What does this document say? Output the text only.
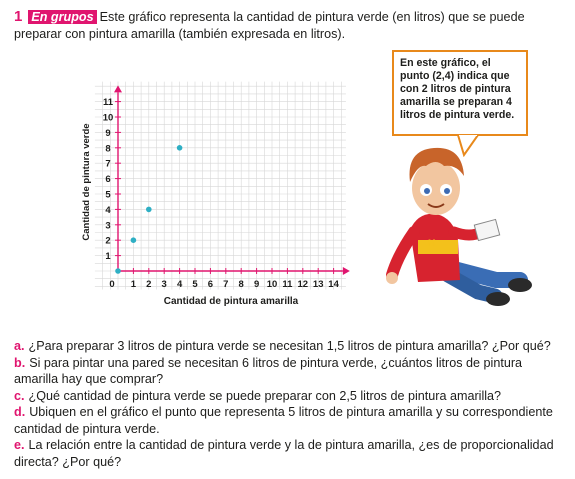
1 En grupos Este gráfico representa la cantidad de pintura verde (en litros) que se puede preparar con pintura amarilla (también expresada en litros).
0 1 2 3 4 5 6 7 8 9 10 11 12 13 14
1
2
3
4
5
6
7
8
9
10
11
Cantidad de pintura amarilla
Cantidad de pintura verde
En este gráfico, el punto (2,4) indica que con 2 litros de pintura amarilla se preparan 4 litros de pintura verde.
M

a. ¿Para preparar 3 litros de pintura verde se necesitan 1,5 litros de pintura amarilla? ¿Por qué?

b. Si para pintar una pared se necesitan 6 litros de pintura verde, ¿cuántos litros de pintura amarilla hay que comprar?

c. ¿Qué cantidad de pintura verde se puede preparar con 2,5 litros de pintura amarilla?

d. Ubiquen en el gráfico el punto que representa 5 litros de pintura amarilla y su correspondiente cantidad de pintura verde.

e. La relación entre la cantidad de pintura verde y la de pintura amarilla, ¿es de proporcionalidad directa? ¿Por qué?
